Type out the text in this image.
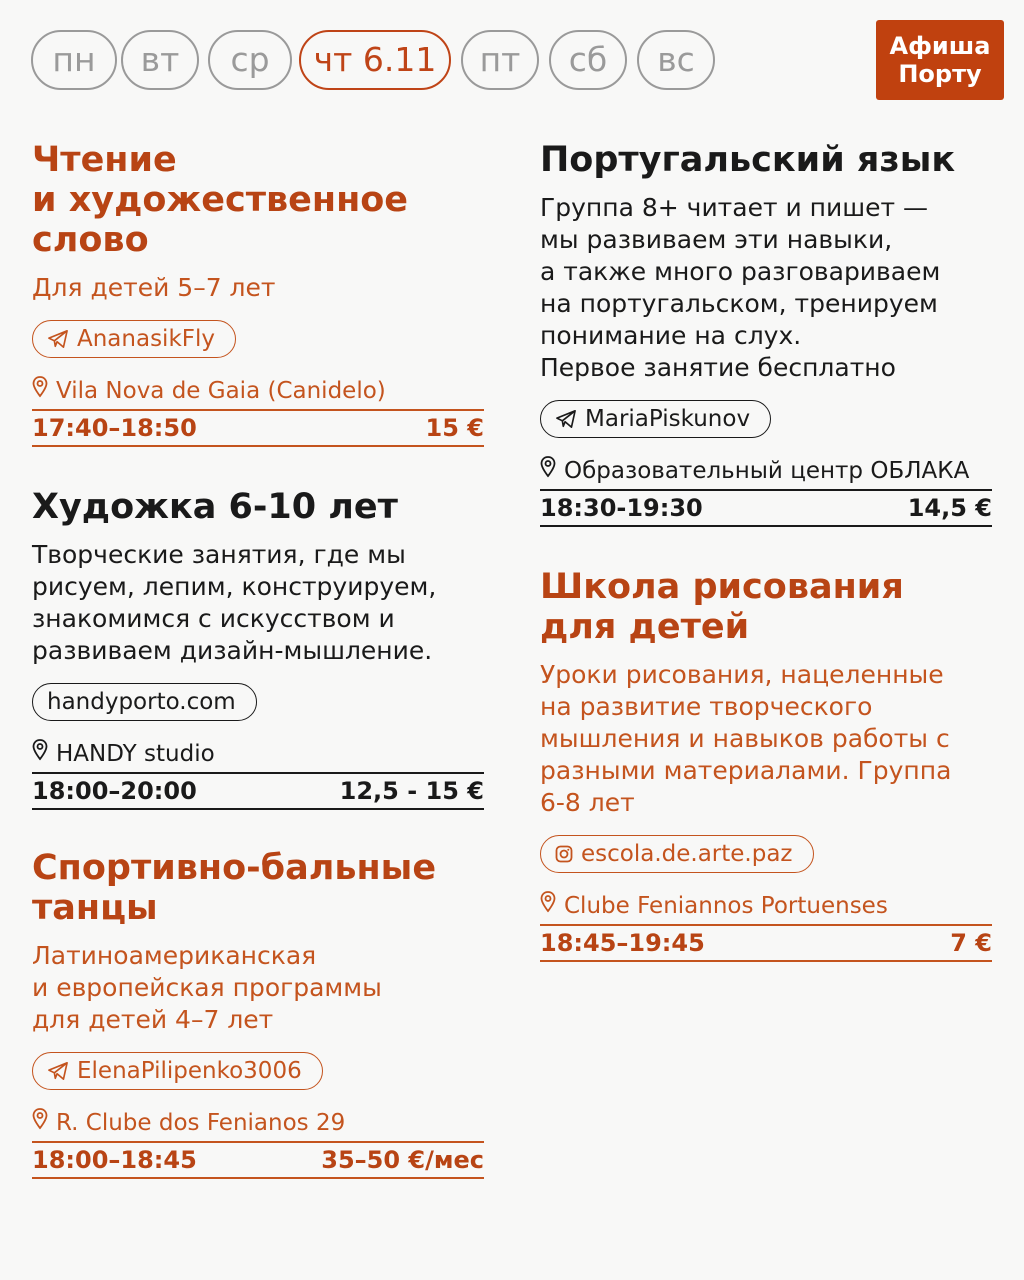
пн	вт	ср	чт 6.11	пт	сб	вс	Афиша
Порту
Чтение
и художественное
слово
Для детей 5–7 лет
AnanasikFly
Vila Nova de Gaia (Canidelo)
17:40–18:50	15 €
Художка 6-10 лет
Творческие занятия, где мы
рисуем, лепим, конструируем,
знакомимся с искусством и
развиваем дизайн-мышление.
handyporto.com
HANDY studio
18:00–20:00	12,5 - 15 €
Спортивно-бальные
танцы
Латиноамериканская
и европейская программы
для детей 4–7 лет
ElenaPilipenko3006
R. Clube dos Fenianos 29
18:00–18:45	35–50 €/мес
Португальский язык
Группа 8+ читает и пишет —
мы развиваем эти навыки,
а также много разговариваем
на португальском, тренируем
понимание на слух.
Первое занятие бесплатно
MariaPiskunov
Образовательный центр ОБЛАКА
18:30-19:30	14,5 €
Школа рисования
для детей
Уроки рисования, нацеленные
на развитие творческого
мышления и навыков работы с
разными материалами. Группа
6-8 лет
escola.de.arte.paz
Clube Feniannos Portuenses
18:45–19:45	7 €
